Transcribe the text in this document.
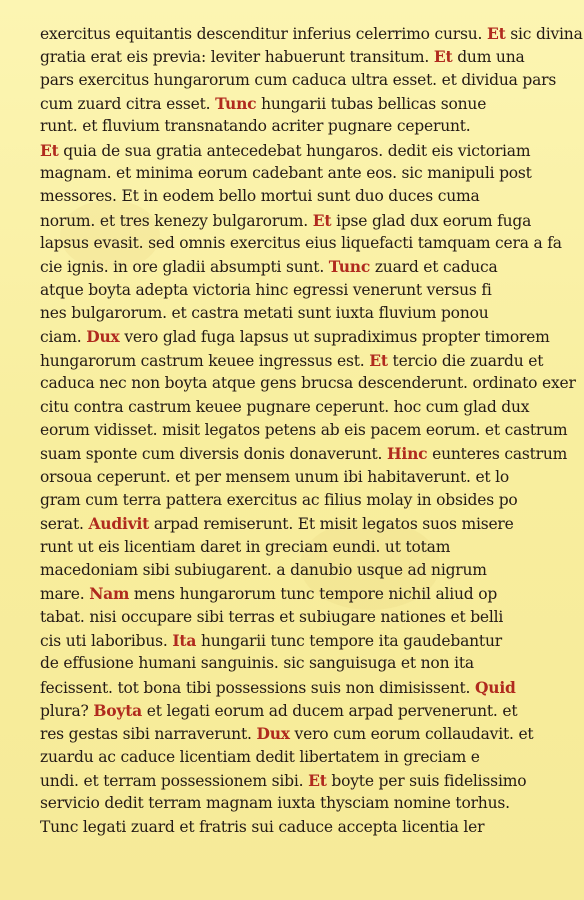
exercitus equitantis descenditur inferius celerrimo cursu. Et sic divina
gratia erat eis previa: leviter habuerunt transitum. Et dum una
pars exercitus hungarorum cum caduca ultra esset. et dividua pars
cum zuard citra esset. Tunc hungarii tubas bellicas sonue
runt. et fluvium transnatando acriter pugnare ceperunt.
Et quia de sua gratia antecedebat hungaros. dedit eis victoriam
magnam. et minima eorum cadebant ante eos. sic manipuli post
messores. Et in eodem bello mortui sunt duo duces cuma
norum. et tres kenezy bulgarorum. Et ipse glad dux eorum fuga
lapsus evasit. sed omnis exercitus eius liquefacti tamquam cera a fa
cie ignis. in ore gladii absumpti sunt. Tunc zuard et caduca
atque boyta adepta victoria hinc egressi venerunt versus fi
nes bulgarorum. et castra metati sunt iuxta fluvium ponou
ciam. Dux vero glad fuga lapsus ut supradiximus propter timorem
hungarorum castrum keuee ingressus est. Et tercio die zuardu et
caduca nec non boyta atque gens brucsa descenderunt. ordinato exer
citu contra castrum keuee pugnare ceperunt. hoc cum glad dux
eorum vidisset. misit legatos petens ab eis pacem eorum. et castrum
suam sponte cum diversis donis donaverunt. Hinc eunteres castrum
orsoua ceperunt. et per mensem unum ibi habitaverunt. et lo
gram cum terra pattera exercitus ac filius molay in obsides po
serat. Audivit arpad remiserunt. Et misit legatos suos misere
runt ut eis licentiam daret in greciam eundi. ut totam
macedoniam sibi subiugarent. a danubio usque ad nigrum
mare. Nam mens hungarorum tunc tempore nichil aliud op
tabat. nisi occupare sibi terras et subiugare nationes et belli
cis uti laboribus. Ita hungarii tunc tempore ita gaudebantur
de effusione humani sanguinis. sic sanguisuga et non ita
fecissent. tot bona tibi possessions suis non dimisissent. Quid
plura? Boyta et legati eorum ad ducem arpad pervenerunt. et
res gestas sibi narraverunt. Dux vero cum eorum collaudavit. et
zuardu ac caduce licentiam dedit libertatem in greciam e
undi. et terram possessionem sibi. Et boyte per suis fidelissimo
servicio dedit terram magnam iuxta thysciam nomine torhus.
Tunc legati zuard et fratris sui caduce accepta licentia ler
